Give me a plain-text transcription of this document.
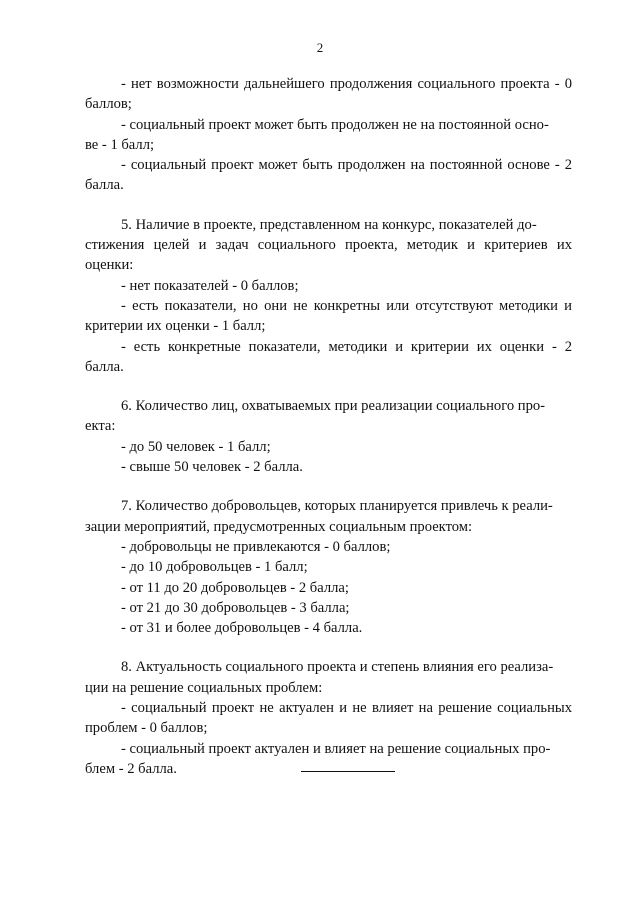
2

- нет возможности дальнейшего продолжения социального проекта - 0 баллов;

- социальный проект может быть продолжен не на постоянной осно-
ве - 1 балл;

- социальный проект может быть продолжен на постоянной основе - 2 балла.

5. Наличие в проекте, представленном на конкурс, показателей до-
стижения целей и задач социального проекта, методик и критериев их оценки:

- нет показателей - 0 баллов;

- есть показатели, но они не конкретны или отсутствуют методики и критерии их оценки - 1 балл;

- есть конкретные показатели, методики и критерии их оценки - 2 балла.

6. Количество лиц, охватываемых при реализации социального про-
екта:

- до 50 человек - 1 балл;

- свыше 50 человек - 2 балла.

7. Количество добровольцев, которых планируется привлечь к реали-
зации мероприятий, предусмотренных социальным проектом:

- добровольцы не привлекаются - 0 баллов;

- до 10 добровольцев - 1 балл;

- от 11 до 20 добровольцев - 2 балла;

- от 21 до 30 добровольцев - 3 балла;

- от 31 и более добровольцев - 4 балла.

8. Актуальность социального проекта и степень влияния его реализа-
ции на решение социальных проблем:

- социальный проект не актуален и не влияет на решение социальных проблем - 0 баллов;

- социальный проект актуален и влияет на решение социальных про-
блем - 2 балла.
